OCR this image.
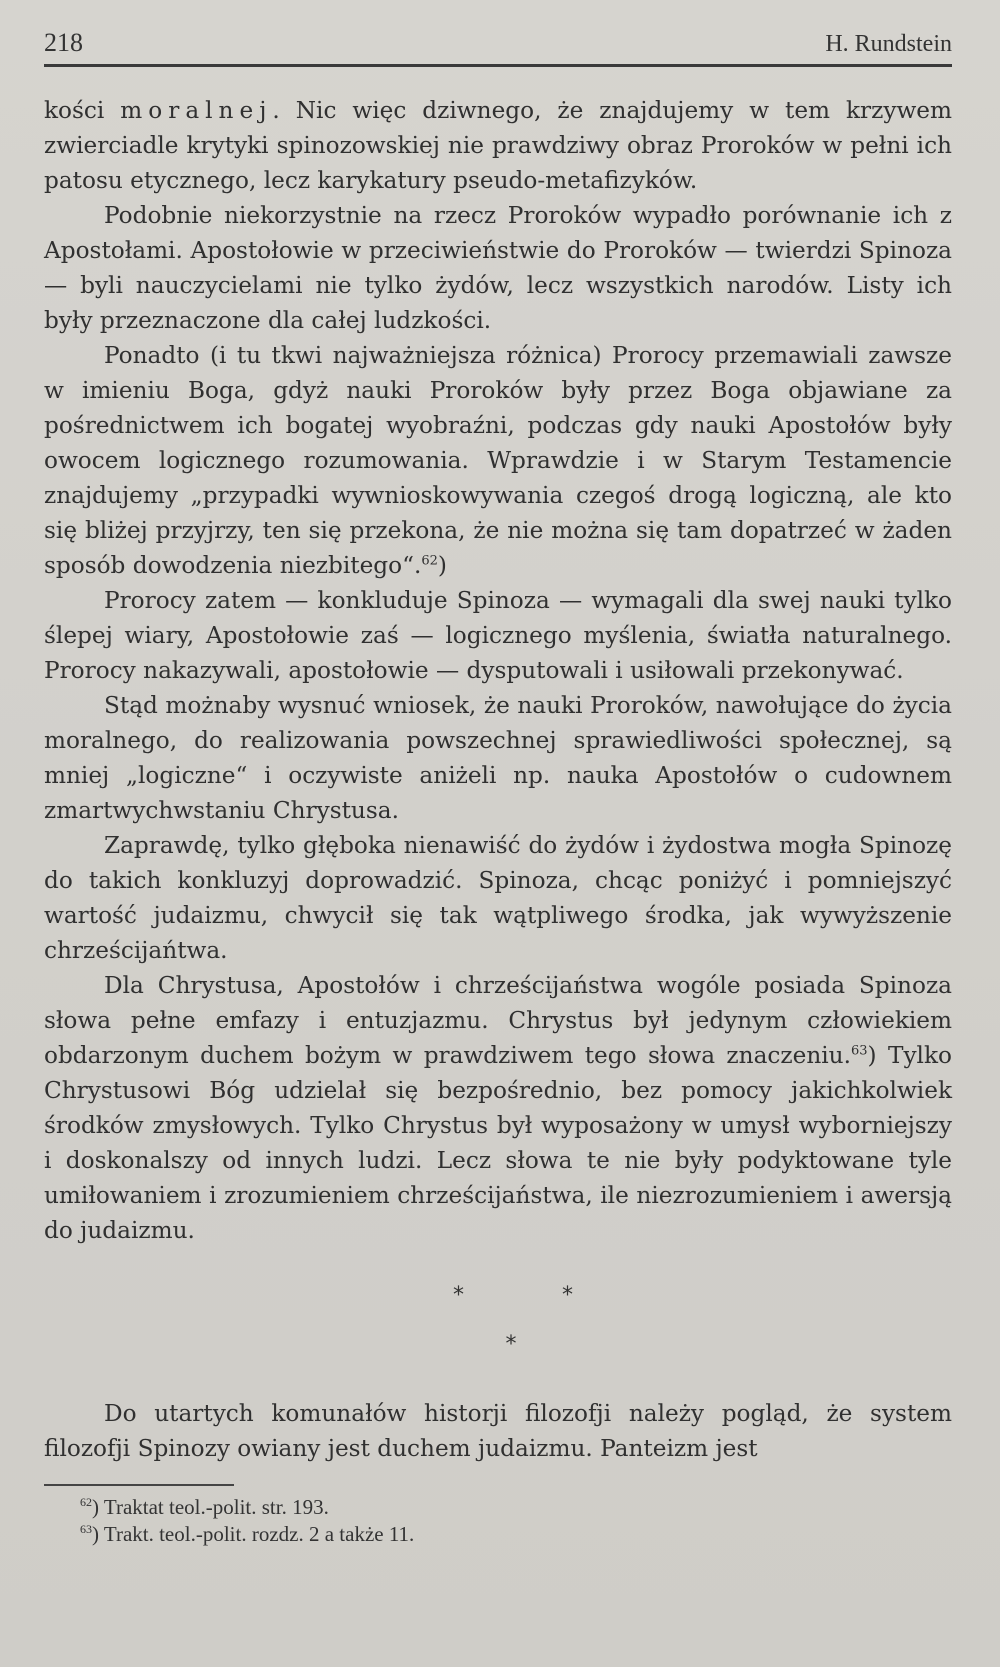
218	H. Rundstein

kości moralnej. Nic więc dziwnego, że znajdujemy w tem krzywem zwierciadle krytyki spinozowskiej nie prawdziwy obraz Proroków w pełni ich patosu etycznego, lecz karykatury pseudo-metafizyków.

Podobnie niekorzystnie na rzecz Proroków wypadło porównanie ich z Apostołami. Apostołowie w przeciwieństwie do Proroków — twierdzi Spinoza — byli nauczycielami nie tylko żydów, lecz wszystkich narodów. Listy ich były przeznaczone dla całej ludzkości.

Ponadto (i tu tkwi najważniejsza różnica) Prorocy przemawiali zawsze w imieniu Boga, gdyż nauki Proroków były przez Boga objawiane za pośrednictwem ich bogatej wyobraźni, podczas gdy nauki Apostołów były owocem logicznego rozumowania. Wprawdzie i w Starym Testamencie znajdujemy „przypadki wywnioskowywania czegoś drogą logiczną, ale kto się bliżej przyjrzy, ten się przekona, że nie można się tam dopatrzeć w żaden sposób dowodzenia niezbitego“.$^{62}$)

Prorocy zatem — konkluduje Spinoza — wymagali dla swej nauki tylko ślepej wiary, Apostołowie zaś — logicznego myślenia, światła naturalnego. Prorocy nakazywali, apostołowie — dysputowali i usiłowali przekonywać.

Stąd możnaby wysnuć wniosek, że nauki Proroków, nawołujące do życia moralnego, do realizowania powszechnej sprawiedliwości społecznej, są mniej „logiczne“ i oczywiste aniżeli np. nauka Apostołów o cudownem zmartwychwstaniu Chrystusa.

Zaprawdę, tylko głęboka nienawiść do żydów i żydostwa mogła Spinozę do takich konkluzyj doprowadzić. Spinoza, chcąc poniżyć i pomniejszyć wartość judaizmu, chwycił się tak wątpliwego środka, jak wywyższenie chrześcijańtwa.

Dla Chrystusa, Apostołów i chrześcijaństwa wogóle posiada Spinoza słowa pełne emfazy i entuzjazmu. Chrystus był jedynym człowiekiem obdarzonym duchem bożym w prawdziwem tego słowa znaczeniu.$^{63}$) Tylko Chrystusowi Bóg udzielał się bezpośrednio, bez pomocy jakichkolwiek środków zmysłowych. Tylko Chrystus był wyposażony w umysł wyborniejszy i doskonalszy od innych ludzi. Lecz słowa te nie były podyktowane tyle umiłowaniem i zrozumieniem chrześcijaństwa, ile niezrozumieniem i awersją do judaizmu.

*	*
*

Do utartych komunałów historji filozofji należy pogląd, że system filozofji Spinozy owiany jest duchem judaizmu. Panteizm jest

$^{62}$) Traktat teol.-polit. str. 193.
$^{63}$) Trakt. teol.-polit. rozdz. 2 a także 11.
